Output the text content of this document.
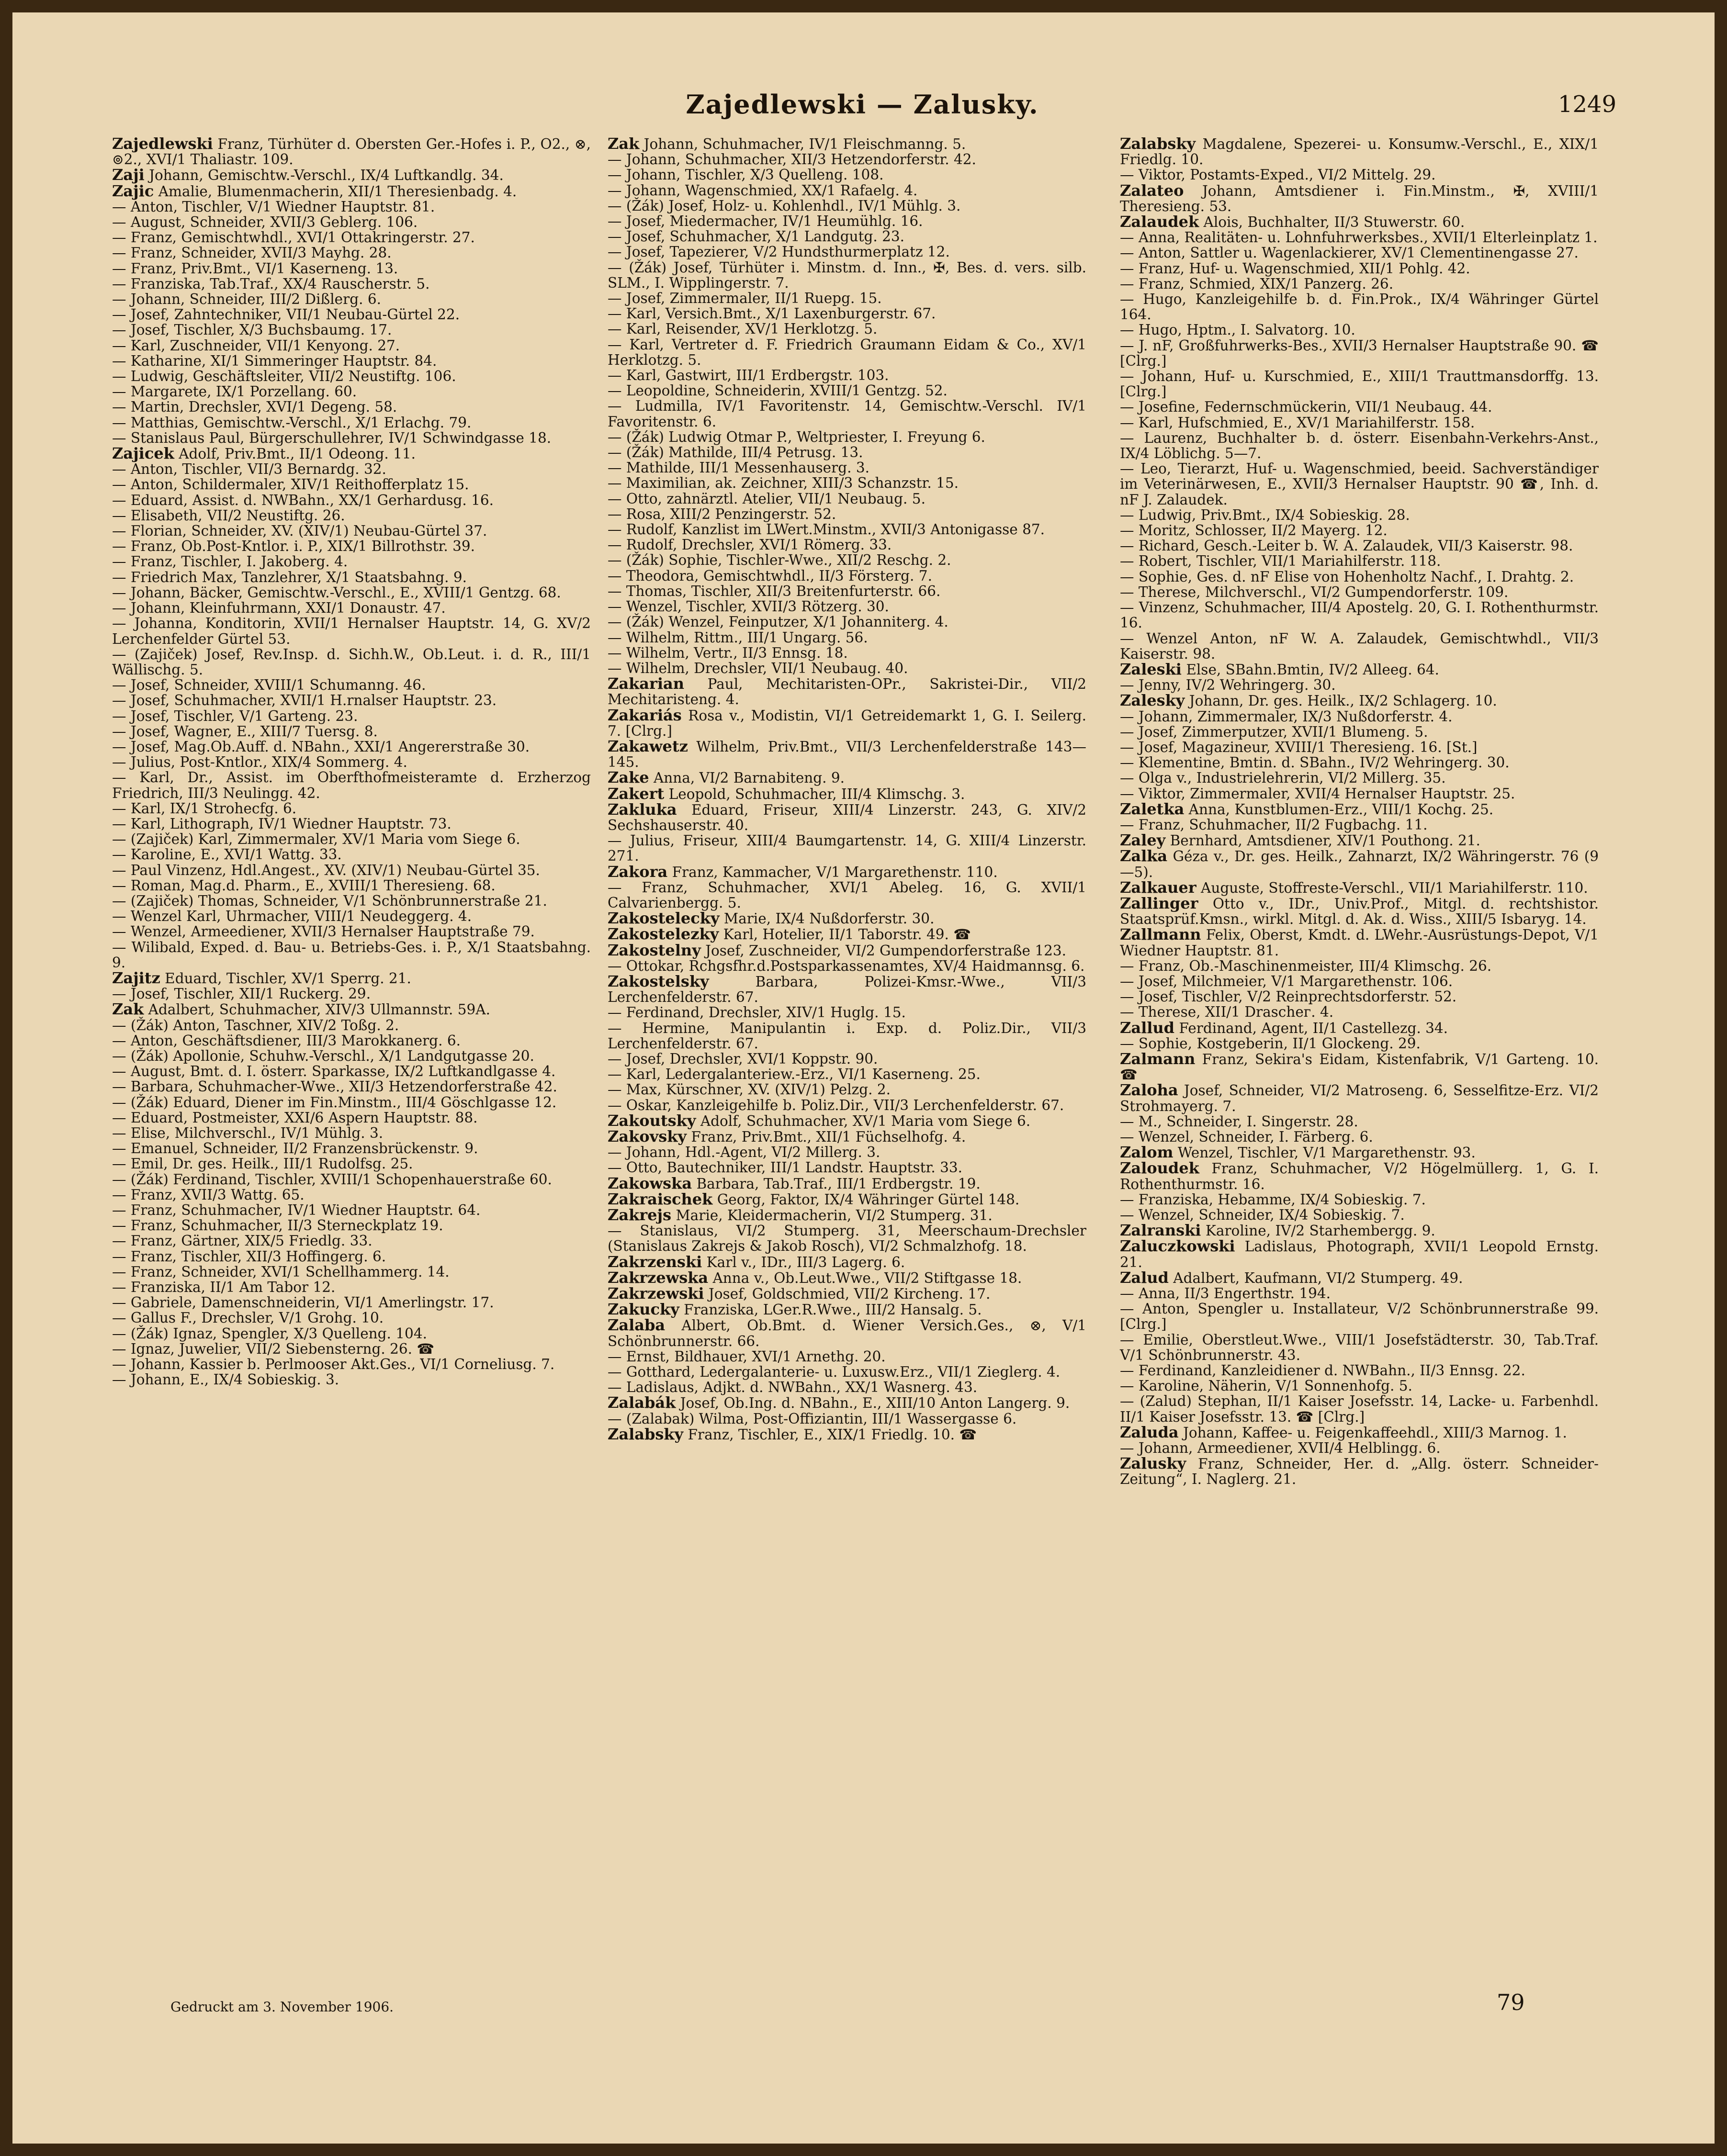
Zajedlewski — Zalusky.	1249

Zajedlewski Franz, Türhüter d. Obersten Ger.-Hofes i. P., O2., ⊗, ⊚2., XVI/1 Thaliastr. 109.

Zaji Johann, Gemischtw.-Verschl., IX/4 Luftkandlg. 34.

Zajic Amalie, Blumenmacherin, XII/1 Theresienbadg. 4.

— Anton, Tischler, V/1 Wiedner Hauptstr. 81.

— August, Schneider, XVII/3 Geblerg. 106.

— Franz, Gemischtwhdl., XVI/1 Ottakringerstr. 27.

— Franz, Schneider, XVII/3 Mayhg. 28.

— Franz, Priv.Bmt., VI/1 Kaserneng. 13.

— Franziska, Tab.Traf., XX/4 Rauscherstr. 5.

— Johann, Schneider, III/2 Dißlerg. 6.

— Josef, Zahntechniker, VII/1 Neubau-Gürtel 22.

— Josef, Tischler, X/3 Buchsbaumg. 17.

— Karl, Zuschneider, VII/1 Kenyong. 27.

— Katharine, XI/1 Simmeringer Hauptstr. 84.

— Ludwig, Geschäftsleiter, VII/2 Neustiftg. 106.

— Margarete, IX/1 Porzellang. 60.

— Martin, Drechsler, XVI/1 Degeng. 58.

— Matthias, Gemischtw.-Verschl., X/1 Erlachg. 79.

— Stanislaus Paul, Bürgerschullehrer, IV/1 Schwindgasse 18.

Zajicek Adolf, Priv.Bmt., II/1 Odeong. 11.

— Anton, Tischler, VII/3 Bernardg. 32.

— Anton, Schildermaler, XIV/1 Reithofferplatz 15.

— Eduard, Assist. d. NWBahn., XX/1 Gerhardusg. 16.

— Elisabeth, VII/2 Neustiftg. 26.

— Florian, Schneider, XV. (XIV/1) Neubau-Gürtel 37.

— Franz, Ob.Post-Kntlor. i. P., XIX/1 Billrothstr. 39.

— Franz, Tischler, I. Jakoberg. 4.

— Friedrich Max, Tanzlehrer, X/1 Staatsbahng. 9.

— Johann, Bäcker, Gemischtw.-Verschl., E., XVIII/1 Gentzg. 68.

— Johann, Kleinfuhrmann, XXI/1 Donaustr. 47.

— Johanna, Konditorin, XVII/1 Hernalser Hauptstr. 14, G. XV/2 Lerchenfelder Gürtel 53.

— (Zajiček) Josef, Rev.Insp. d. Sichh.W., Ob.Leut. i. d. R., III/1 Wällischg. 5.

— Josef, Schneider, XVIII/1 Schumanng. 46.

— Josef, Schuhmacher, XVII/1 H.rnalser Hauptstr. 23.

— Josef, Tischler, V/1 Garteng. 23.

— Josef, Wagner, E., XIII/7 Tuersg. 8.

— Josef, Mag.Ob.Auff. d. NBahn., XXI/1 Angererstraße 30.

— Julius, Post-Kntlor., XIX/4 Sommerg. 4.

— Karl, Dr., Assist. im Oberfthofmeisteramte d. Erzherzog Friedrich, III/3 Neulingg. 42.

— Karl, IX/1 Strohecfg. 6.

— Karl, Lithograph, IV/1 Wiedner Hauptstr. 73.

— (Zajiček) Karl, Zimmermaler, XV/1 Maria vom Siege 6.

— Karoline, E., XVI/1 Wattg. 33.

— Paul Vinzenz, Hdl.Angest., XV. (XIV/1) Neubau-Gürtel 35.

— Roman, Mag.d. Pharm., E., XVIII/1 Theresieng. 68.

— (Zajiček) Thomas, Schneider, V/1 Schönbrunnerstraße 21.

— Wenzel Karl, Uhrmacher, VIII/1 Neudeggerg. 4.

— Wenzel, Armeediener, XVII/3 Hernalser Hauptstraße 79.

— Wilibald, Exped. d. Bau- u. Betriebs-Ges. i. P., X/1 Staatsbahng. 9.

Zajitz Eduard, Tischler, XV/1 Sperrg. 21.

— Josef, Tischler, XII/1 Ruckerg. 29.

Zak Adalbert, Schuhmacher, XIV/3 Ullmannstr. 59A.

— (Žák) Anton, Taschner, XIV/2 Toßg. 2.

— Anton, Geschäftsdiener, III/3 Marokkanerg. 6.

— (Žák) Apollonie, Schuhw.-Verschl., X/1 Landgutgasse 20.

— August, Bmt. d. I. österr. Sparkasse, IX/2 Luftkandlgasse 4.

— Barbara, Schuhmacher-Wwe., XII/3 Hetzendorferstraße 42.

— (Žák) Eduard, Diener im Fin.Minstm., III/4 Göschlgasse 12.

— Eduard, Postmeister, XXI/6 Aspern Hauptstr. 88.

— Elise, Milchverschl., IV/1 Mühlg. 3.

— Emanuel, Schneider, II/2 Franzensbrückenstr. 9.

— Emil, Dr. ges. Heilk., III/1 Rudolfsg. 25.

— (Žák) Ferdinand, Tischler, XVIII/1 Schopenhauerstraße 60.

— Franz, XVII/3 Wattg. 65.

— Franz, Schuhmacher, IV/1 Wiedner Hauptstr. 64.

— Franz, Schuhmacher, II/3 Sterneckplatz 19.

— Franz, Gärtner, XIX/5 Friedlg. 33.

— Franz, Tischler, XII/3 Hoffingerg. 6.

— Franz, Schneider, XVI/1 Schellhammerg. 14.

— Franziska, II/1 Am Tabor 12.

— Gabriele, Damenschneiderin, VI/1 Amerlingstr. 17.

— Gallus F., Drechsler, V/1 Grohg. 10.

— (Žák) Ignaz, Spengler, X/3 Quelleng. 104.

— Ignaz, Juwelier, VII/2 Siebensterng. 26. ☎

— Johann, Kassier b. Perlmooser Akt.Ges., VI/1 Corneliusg. 7.

— Johann, E., IX/4 Sobieskig. 3.

Zak Johann, Schuhmacher, IV/1 Fleischmanng. 5.

— Johann, Schuhmacher, XII/3 Hetzendorferstr. 42.

— Johann, Tischler, X/3 Quelleng. 108.

— Johann, Wagenschmied, XX/1 Rafaelg. 4.

— (Žák) Josef, Holz- u. Kohlenhdl., IV/1 Mühlg. 3.

— Josef, Miedermacher, IV/1 Heumühlg. 16.

— Josef, Schuhmacher, X/1 Landgutg. 23.

— Josef, Tapezierer, V/2 Hundsthurmerplatz 12.

— (Žák) Josef, Türhüter i. Minstm. d. Inn., ✠, Bes. d. vers. silb. SLM., I. Wipplingerstr. 7.

— Josef, Zimmermaler, II/1 Ruepg. 15.

— Karl, Versich.Bmt., X/1 Laxenburgerstr. 67.

— Karl, Reisender, XV/1 Herklotzg. 5.

— Karl, Vertreter d. F. Friedrich Graumann Eidam & Co., XV/1 Herklotzg. 5.

— Karl, Gastwirt, III/1 Erdbergstr. 103.

— Leopoldine, Schneiderin, XVIII/1 Gentzg. 52.

— Ludmilla, IV/1 Favoritenstr. 14, Gemischtw.-Verschl. IV/1 Favoritenstr. 6.

— (Žák) Ludwig Otmar P., Weltpriester, I. Freyung 6.

— (Žák) Mathilde, III/4 Petrusg. 13.

— Mathilde, III/1 Messenhauserg. 3.

— Maximilian, ak. Zeichner, XIII/3 Schanzstr. 15.

— Otto, zahnärztl. Atelier, VII/1 Neubaug. 5.

— Rosa, XIII/2 Penzingerstr. 52.

— Rudolf, Kanzlist im LWert.Minstm., XVII/3 Antonigasse 87.

— Rudolf, Drechsler, XVI/1 Römerg. 33.

— (Žák) Sophie, Tischler-Wwe., XII/2 Reschg. 2.

— Theodora, Gemischtwhdl., II/3 Försterg. 7.

— Thomas, Tischler, XII/3 Breitenfurterstr. 66.

— Wenzel, Tischler, XVII/3 Rötzerg. 30.

— (Žák) Wenzel, Feinputzer, X/1 Johanniterg. 4.

— Wilhelm, Rittm., III/1 Ungarg. 56.

— Wilhelm, Vertr., II/3 Ennsg. 18.

— Wilhelm, Drechsler, VII/1 Neubaug. 40.

Zakarian Paul, Mechitaristen-OPr., Sakristei-Dir., VII/2 Mechitaristeng. 4.

Zakariás Rosa v., Modistin, VI/1 Getreidemarkt 1, G. I. Seilerg. 7. [Clrg.]

Zakawetz Wilhelm, Priv.Bmt., VII/3 Lerchenfelderstraße 143—145.

Zake Anna, VI/2 Barnabiteng. 9.

Zakert Leopold, Schuhmacher, III/4 Klimschg. 3.

Zakluka Eduard, Friseur, XIII/4 Linzerstr. 243, G. XIV/2 Sechshauserstr. 40.

— Julius, Friseur, XIII/4 Baumgartenstr. 14, G. XIII/4 Linzerstr. 271.

Zakora Franz, Kammacher, V/1 Margarethenstr. 110.

— Franz, Schuhmacher, XVI/1 Abeleg. 16, G. XVII/1 Calvarienbergg. 5.

Zakostelecky Marie, IX/4 Nußdorferstr. 30.

Zakostelezky Karl, Hotelier, II/1 Taborstr. 49. ☎

Zakostelny Josef, Zuschneider, VI/2 Gumpendorferstraße 123.

— Ottokar, Rchgsfhr.d.Postsparkassenamtes, XV/4 Haidmannsg. 6.

Zakostelsky Barbara, Polizei-Kmsr.-Wwe., VII/3 Lerchenfelderstr. 67.

— Ferdinand, Drechsler, XIV/1 Huglg. 15.

— Hermine, Manipulantin i. Exp. d. Poliz.Dir., VII/3 Lerchenfelderstr. 67.

— Josef, Drechsler, XVI/1 Koppstr. 90.

— Karl, Ledergalanteriew.-Erz., VI/1 Kaserneng. 25.

— Max, Kürschner, XV. (XIV/1) Pelzg. 2.

— Oskar, Kanzleigehilfe b. Poliz.Dir., VII/3 Lerchenfelderstr. 67.

Zakoutsky Adolf, Schuhmacher, XV/1 Maria vom Siege 6.

Zakovsky Franz, Priv.Bmt., XII/1 Füchselhofg. 4.

— Johann, Hdl.-Agent, VI/2 Millerg. 3.

— Otto, Bautechniker, III/1 Landstr. Hauptstr. 33.

Zakowska Barbara, Tab.Traf., III/1 Erdbergstr. 19.

Zakraischek Georg, Faktor, IX/4 Währinger Gürtel 148.

Zakrejs Marie, Kleidermacherin, VI/2 Stumperg. 31.

— Stanislaus, VI/2 Stumperg. 31, Meerschaum-Drechsler (Stanislaus Zakrejs & Jakob Rosch), VI/2 Schmalzhofg. 18.

Zakrzenski Karl v., IDr., III/3 Lagerg. 6.

Zakrzewska Anna v., Ob.Leut.Wwe., VII/2 Stiftgasse 18.

Zakrzewski Josef, Goldschmied, VII/2 Kircheng. 17.

Zakucky Franziska, LGer.R.Wwe., III/2 Hansalg. 5.

Zalaba Albert, Ob.Bmt. d. Wiener Versich.Ges., ⊗, V/1 Schönbrunnerstr. 66.

— Ernst, Bildhauer, XVI/1 Arnethg. 20.

— Gotthard, Ledergalanterie- u. Luxusw.Erz., VII/1 Zieglerg. 4.

— Ladislaus, Adjkt. d. NWBahn., XX/1 Wasnerg. 43.

Zalabák Josef, Ob.Ing. d. NBahn., E., XIII/10 Anton Langerg. 9.

— (Zalabak) Wilma, Post-Offiziantin, III/1 Wassergasse 6.

Zalabsky Franz, Tischler, E., XIX/1 Friedlg. 10. ☎

Zalabsky Magdalene, Spezerei- u. Konsumw.-Verschl., E., XIX/1 Friedlg. 10.

— Viktor, Postamts-Exped., VI/2 Mittelg. 29.

Zalateo Johann, Amtsdiener i. Fin.Minstm., ✠, XVIII/1 Theresieng. 53.

Zalaudek Alois, Buchhalter, II/3 Stuwerstr. 60.

— Anna, Realitäten- u. Lohnfuhrwerksbes., XVII/1 Elterleinplatz 1.

— Anton, Sattler u. Wagenlackierer, XV/1 Clementinengasse 27.

— Franz, Huf- u. Wagenschmied, XII/1 Pohlg. 42.

— Franz, Schmied, XIX/1 Panzerg. 26.

— Hugo, Kanzleigehilfe b. d. Fin.Prok., IX/4 Währinger Gürtel 164.

— Hugo, Hptm., I. Salvatorg. 10.

— J. nF, Großfuhrwerks-Bes., XVII/3 Hernalser Hauptstraße 90. ☎ [Clrg.]

— Johann, Huf- u. Kurschmied, E., XIII/1 Trauttmansdorffg. 13. [Clrg.]

— Josefine, Federnschmückerin, VII/1 Neubaug. 44.

— Karl, Hufschmied, E., XV/1 Mariahilferstr. 158.

— Laurenz, Buchhalter b. d. österr. Eisenbahn-Verkehrs-Anst., IX/4 Löblichg. 5—7.

— Leo, Tierarzt, Huf- u. Wagenschmied, beeid. Sachverständiger im Veterinärwesen, E., XVII/3 Hernalser Hauptstr. 90 ☎, Inh. d. nF J. Zalaudek.

— Ludwig, Priv.Bmt., IX/4 Sobieskig. 28.

— Moritz, Schlosser, II/2 Mayerg. 12.

— Richard, Gesch.-Leiter b. W. A. Zalaudek, VII/3 Kaiserstr. 98.

— Robert, Tischler, VII/1 Mariahilferstr. 118.

— Sophie, Ges. d. nF Elise von Hohenholtz Nachf., I. Drahtg. 2.

— Therese, Milchverschl., VI/2 Gumpendorferstr. 109.

— Vinzenz, Schuhmacher, III/4 Apostelg. 20, G. I. Rothenthurmstr. 16.

— Wenzel Anton, nF W. A. Zalaudek, Gemischtwhdl., VII/3 Kaiserstr. 98.

Zaleski Else, SBahn.Bmtin, IV/2 Alleeg. 64.

— Jenny, IV/2 Wehringerg. 30.

Zalesky Johann, Dr. ges. Heilk., IX/2 Schlagerg. 10.

— Johann, Zimmermaler, IX/3 Nußdorferstr. 4.

— Josef, Zimmerputzer, XVII/1 Blumeng. 5.

— Josef, Magazineur, XVIII/1 Theresieng. 16. [St.]

— Klementine, Bmtin. d. SBahn., IV/2 Wehringerg. 30.

— Olga v., Industrielehrerin, VI/2 Millerg. 35.

— Viktor, Zimmermaler, XVII/4 Hernalser Hauptstr. 25.

Zaletka Anna, Kunstblumen-Erz., VIII/1 Kochg. 25.

— Franz, Schuhmacher, II/2 Fugbachg. 11.

Zaley Bernhard, Amtsdiener, XIV/1 Pouthong. 21.

Zalka Géza v., Dr. ges. Heilk., Zahnarzt, IX/2 Währingerstr. 76 (9—5).

Zalkauer Auguste, Stoffreste-Verschl., VII/1 Mariahilferstr. 110.

Zallinger Otto v., IDr., Univ.Prof., Mitgl. d. rechtshistor. Staatsprüf.Kmsn., wirkl. Mitgl. d. Ak. d. Wiss., XIII/5 Isbaryg. 14.

Zallmann Felix, Oberst, Kmdt. d. LWehr.-Ausrüstungs-Depot, V/1 Wiedner Hauptstr. 81.

— Franz, Ob.-Maschinenmeister, III/4 Klimschg. 26.

— Josef, Milchmeier, V/1 Margarethenstr. 106.

— Josef, Tischler, V/2 Reinprechtsdorferstr. 52.

— Therese, XII/1 Draschег. 4.

Zallud Ferdinand, Agent, II/1 Castellezg. 34.

— Sophie, Kostgeberin, II/1 Glockeng. 29.

Zalmann Franz, Sekira's Eidam, Kistenfabrik, V/1 Garteng. 10. ☎

Zaloha Josef, Schneider, VI/2 Matroseng. 6, Sesselfitze-Erz. VI/2 Strohmayerg. 7.

— M., Schneider, I. Singerstr. 28.

— Wenzel, Schneider, I. Färberg. 6.

Zalom Wenzel, Tischler, V/1 Margarethenstr. 93.

Zaloudek Franz, Schuhmacher, V/2 Högelmüllerg. 1, G. I. Rothenthurmstr. 16.

— Franziska, Hebamme, IX/4 Sobieskig. 7.

— Wenzel, Schneider, IX/4 Sobieskig. 7.

Zalranski Karoline, IV/2 Starhembergg. 9.

Zaluczkowski Ladislaus, Photograph, XVII/1 Leopold Ernstg. 21.

Zalud Adalbert, Kaufmann, VI/2 Stumperg. 49.

— Anna, II/3 Engerthstr. 194.

— Anton, Spengler u. Installateur, V/2 Schönbrunnerstraße 99. [Clrg.]

— Emilie, Oberstleut.Wwe., VIII/1 Josefstädterstr. 30, Tab.Traf. V/1 Schönbrunnerstr. 43.

— Ferdinand, Kanzleidiener d. NWBahn., II/3 Ennsg. 22.

— Karoline, Näherin, V/1 Sonnenhofg. 5.

— (Zalud) Stephan, II/1 Kaiser Josefsstr. 14, Lacke- u. Farbenhdl. II/1 Kaiser Josefsstr. 13. ☎ [Clrg.]

Zaluda Johann, Kaffee- u. Feigenkaffeehdl., XIII/3 Marnog. 1.

— Johann, Armeediener, XVII/4 Helblingg. 6.

Zalusky Franz, Schneider, Her. d. „Allg. österr. Schneider-Zeitung“, I. Naglerg. 21.

Gedruckt am 3. November 1906.	79
